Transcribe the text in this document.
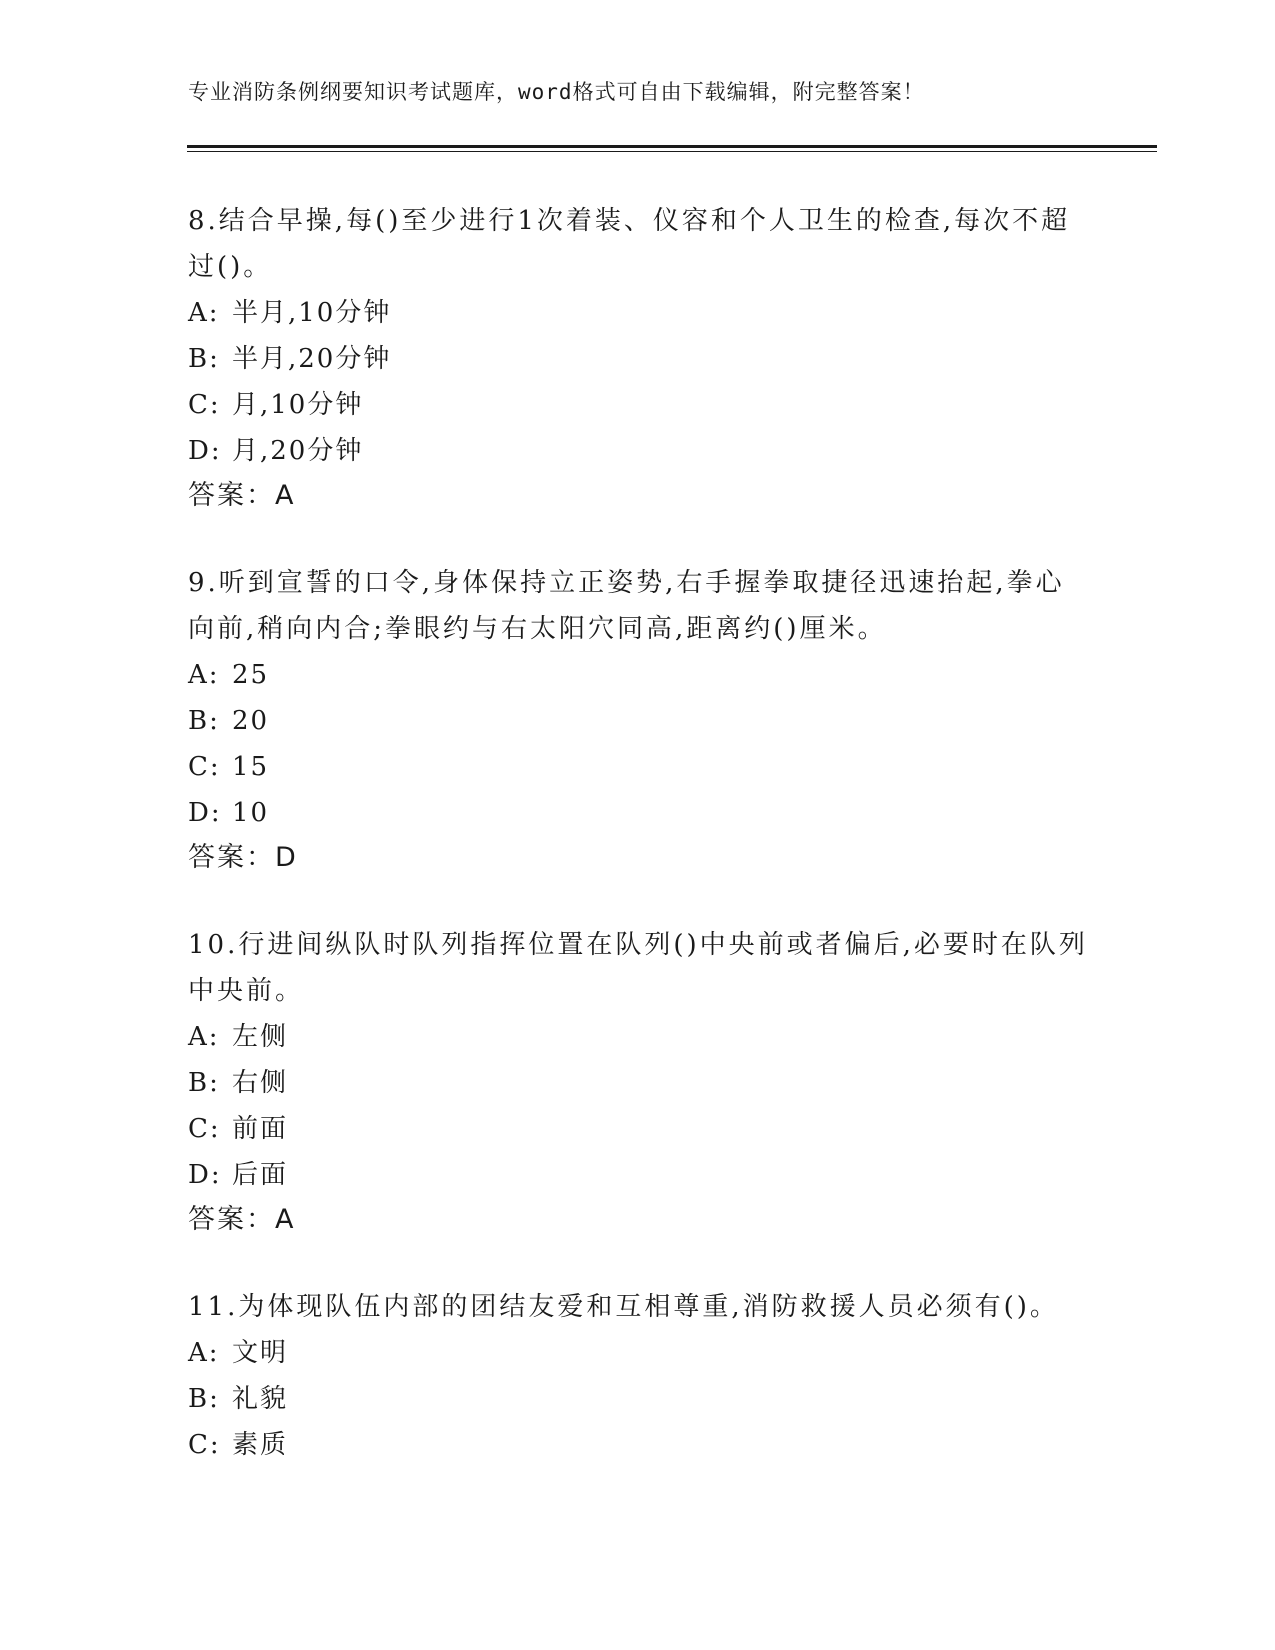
专业消防条例纲要知识考试题库，word格式可自由下载编辑，附完整答案！
8.结合早操,每()至少进行1次着装、仪容和个人卫生的检查,每次不超过()。
A: 半月,10分钟
B: 半月,20分钟
C: 月,10分钟
D: 月,20分钟
答案：A
9.听到宣誓的口令,身体保持立正姿势,右手握拳取捷径迅速抬起,拳心向前,稍向内合;拳眼约与右太阳穴同高,距离约()厘米。
A: 25
B: 20
C: 15
D: 10
答案：D
10.行进间纵队时队列指挥位置在队列()中央前或者偏后,必要时在队列中央前。
A: 左侧
B: 右侧
C: 前面
D: 后面
答案：A
11.为体现队伍内部的团结友爱和互相尊重,消防救援人员必须有()。
A: 文明
B: 礼貌
C: 素质
